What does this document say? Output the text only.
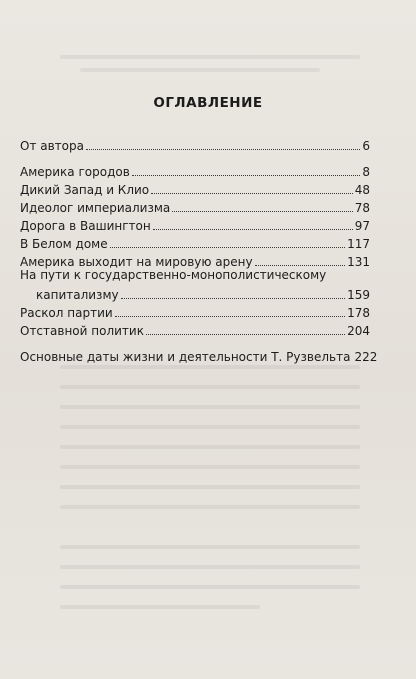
ОГЛАВЛЕНИЕ
От автора	6
Америка городов	8
Дикий Запад и Клио	48
Идеолог империализма	78
Дорога в Вашингтон	97
В Белом доме	117
Америка выходит на мировую арену	131
На пути к государственно-монополистическому
капитализму	159
Раскол партии	178
Отставной политик	204
Основные даты жизни и деятельности Т. Рузвельта 222
